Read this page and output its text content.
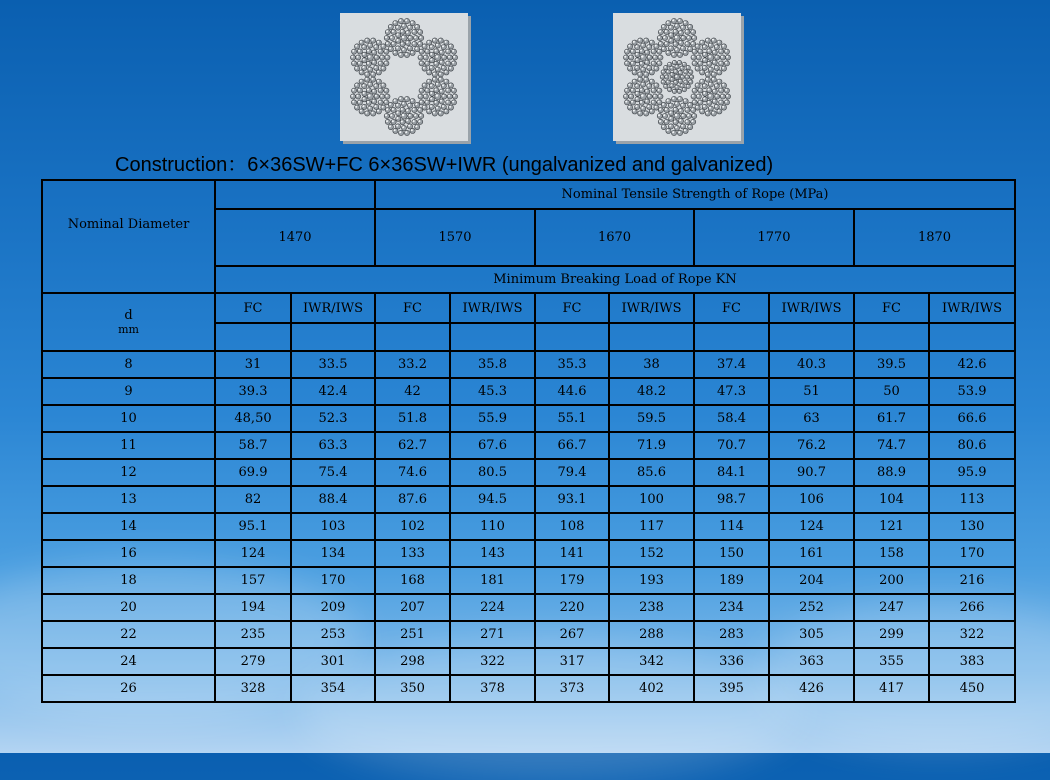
Construction：6×36SW+FC 6×36SW+IWR (ungalvanized and galvanized)
Nominal Diameter			Nominal Tensile Strength of Rope (MPa)							
	1470		1570		1670		1770		1870	
	Minimum Breaking Load of Rope KN									

d
mm	FC	IWR/IWS	FC	IWR/IWS	FC	IWR/IWS	FC	IWR/IWS	FC	IWR/IWS

8	31	33.5	33.2	35.8	35.3	38	37.4	40.3	39.5	42.6
9	39.3	42.4	42	45.3	44.6	48.2	47.3	51	50	53.9
10	48,50	52.3	51.8	55.9	55.1	59.5	58.4	63	61.7	66.6
11	58.7	63.3	62.7	67.6	66.7	71.9	70.7	76.2	74.7	80.6
12	69.9	75.4	74.6	80.5	79.4	85.6	84.1	90.7	88.9	95.9
13	82	88.4	87.6	94.5	93.1	100	98.7	106	104	113
14	95.1	103	102	110	108	117	114	124	121	130
16	124	134	133	143	141	152	150	161	158	170
18	157	170	168	181	179	193	189	204	200	216
20	194	209	207	224	220	238	234	252	247	266
22	235	253	251	271	267	288	283	305	299	322
24	279	301	298	322	317	342	336	363	355	383
26	328	354	350	378	373	402	395	426	417	450
